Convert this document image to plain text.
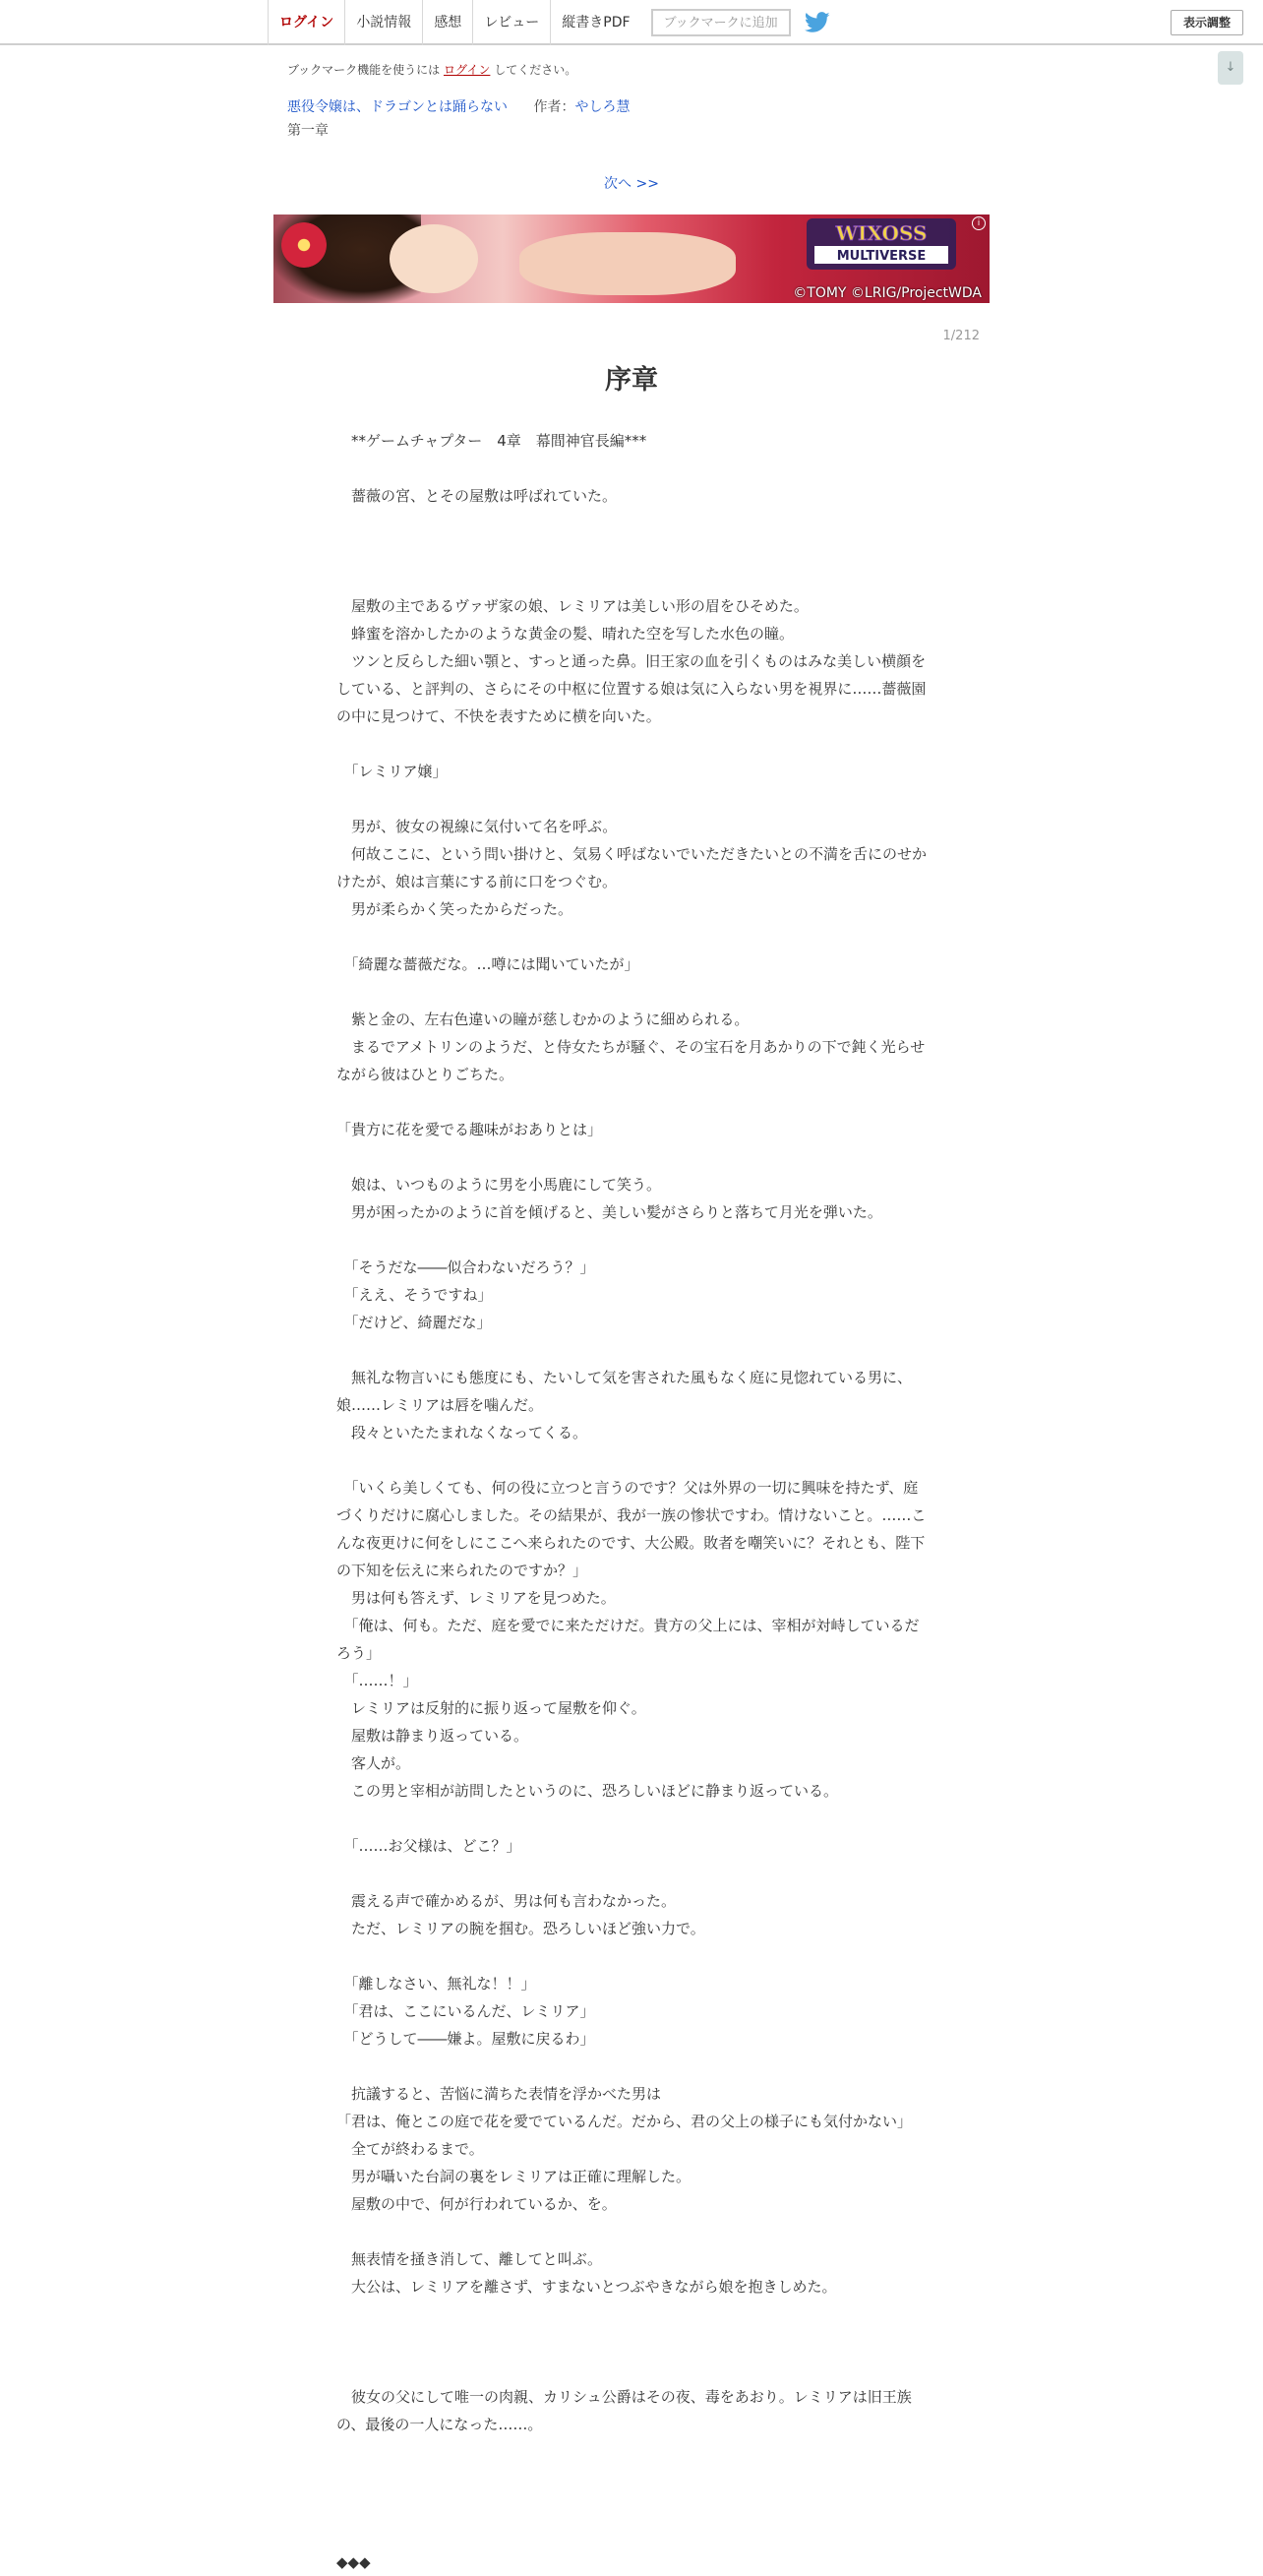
ログイン	小説情報	感想	レビュー	縦書きPDF	ブックマークに追加	表示調整
↓
ブックマーク機能を使うには ログイン してください。
悪役令嬢は、ドラゴンとは踊らない 作者：やしろ慧
第一章
次へ >>
WIXOSS
MULTIVERSE
i
©TOMY ©LRIG/ProjectWDA
1/212
序章

　**ゲームチャプター　4章　幕間神官長編***

　薔薇の宮、とその屋敷は呼ばれていた。

　屋敷の主であるヴァザ家の娘、レミリアは美しい形の眉をひそめた。

　蜂蜜を溶かしたかのような黄金の髪、晴れた空を写した水色の瞳。

　ツンと反らした細い顎と、すっと通った鼻。旧王家の血を引くものはみな美しい横顔をしている、と評判の、さらにその中枢に位置する娘は気に入らない男を視界に……薔薇園の中に見つけて、不快を表すために横を向いた。

　「レミリア嬢」

　男が、彼女の視線に気付いて名を呼ぶ。

　何故ここに、という問い掛けと、気易く呼ばないでいただきたいとの不満を舌にのせかけたが、娘は言葉にする前に口をつぐむ。

　男が柔らかく笑ったからだった。

　「綺麗な薔薇だな。…噂には聞いていたが」

　紫と金の、左右色違いの瞳が慈しむかのように細められる。

　まるでアメトリンのようだ、と侍女たちが騒ぐ、その宝石を月あかりの下で鈍く光らせながら彼はひとりごちた。

「貴方に花を愛でる趣味がおありとは」

　娘は、いつものように男を小馬鹿にして笑う。

　男が困ったかのように首を傾げると、美しい髪がさらりと落ちて月光を弾いた。

　「そうだな――似合わないだろう？」

　「ええ、そうですね」

　「だけど、綺麗だな」

　無礼な物言いにも態度にも、たいして気を害された風もなく庭に見惚れている男に、娘……レミリアは唇を噛んだ。

　段々といたたまれなくなってくる。

　「いくら美しくても、何の役に立つと言うのです？父は外界の一切に興味を持たず、庭づくりだけに腐心しました。その結果が、我が一族の惨状ですわ。情けないこと。……こんな夜更けに何をしにここへ来られたのです、大公殿。敗者を嘲笑いに？それとも、陛下の下知を伝えに来られたのですか？」

　男は何も答えず、レミリアを見つめた。

　「俺は、何も。ただ、庭を愛でに来ただけだ。貴方の父上には、宰相が対峙しているだろう」

　「……！」

　レミリアは反射的に振り返って屋敷を仰ぐ。

　屋敷は静まり返っている。

　客人が。

　この男と宰相が訪問したというのに、恐ろしいほどに静まり返っている。

　「……お父様は、どこ？」

　震える声で確かめるが、男は何も言わなかった。

　ただ、レミリアの腕を掴む。恐ろしいほど強い力で。

　「離しなさい、無礼な！！」

　「君は、ここにいるんだ、レミリア」

　「どうして――嫌よ。屋敷に戻るわ」

　抗議すると、苦悩に満ちた表情を浮かべた男は

「君は、俺とこの庭で花を愛でているんだ。だから、君の父上の様子にも気付かない」

　全てが終わるまで。

　男が囁いた台詞の裏をレミリアは正確に理解した。

　屋敷の中で、何が行われているか、を。

　無表情を掻き消して、離してと叫ぶ。

　大公は、レミリアを離さず、すまないとつぶやきながら娘を抱きしめた。

　彼女の父にして唯一の肉親、カリシュ公爵はその夜、毒をあおり。レミリアは旧王族の、最後の一人になった……。

◆◆◆
